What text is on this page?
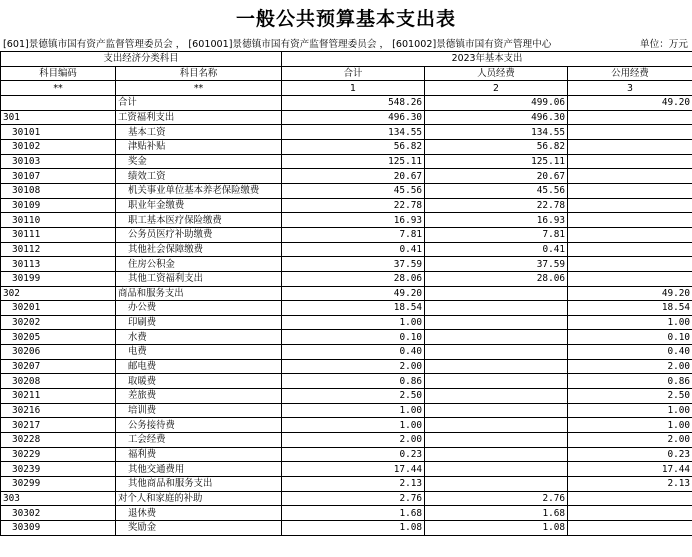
一般公共预算基本支出表
[601]景德镇市国有资产监督管理委员会 ， [601001]景德镇市国有资产监督管理委员会 ， [601002]景德镇市国有资产管理中心	单位：万元
支出经济分类科目		2023年基本支出		
科目编码	科目名称	合计	人员经费	公用经费
**	**	1	2	3
	合计	548.26	499.06	49.20
301	工资福利支出	496.30	496.30	
30101	基本工资	134.55	134.55	
30102	津贴补贴	56.82	56.82	
30103	奖金	125.11	125.11	
30107	绩效工资	20.67	20.67	
30108	机关事业单位基本养老保险缴费	45.56	45.56	
30109	职业年金缴费	22.78	22.78	
30110	职工基本医疗保险缴费	16.93	16.93	
30111	公务员医疗补助缴费	7.81	7.81	
30112	其他社会保障缴费	0.41	0.41	
30113	住房公积金	37.59	37.59	
30199	其他工资福利支出	28.06	28.06	
302	商品和服务支出	49.20		49.20
30201	办公费	18.54		18.54
30202	印刷费	1.00		1.00
30205	水费	0.10		0.10
30206	电费	0.40		0.40
30207	邮电费	2.00		2.00
30208	取暖费	0.86		0.86
30211	差旅费	2.50		2.50
30216	培训费	1.00		1.00
30217	公务接待费	1.00		1.00
30228	工会经费	2.00		2.00
30229	福利费	0.23		0.23
30239	其他交通费用	17.44		17.44
30299	其他商品和服务支出	2.13		2.13
303	对个人和家庭的补助	2.76	2.76	
30302	退休费	1.68	1.68	
30309	奖励金	1.08	1.08	
